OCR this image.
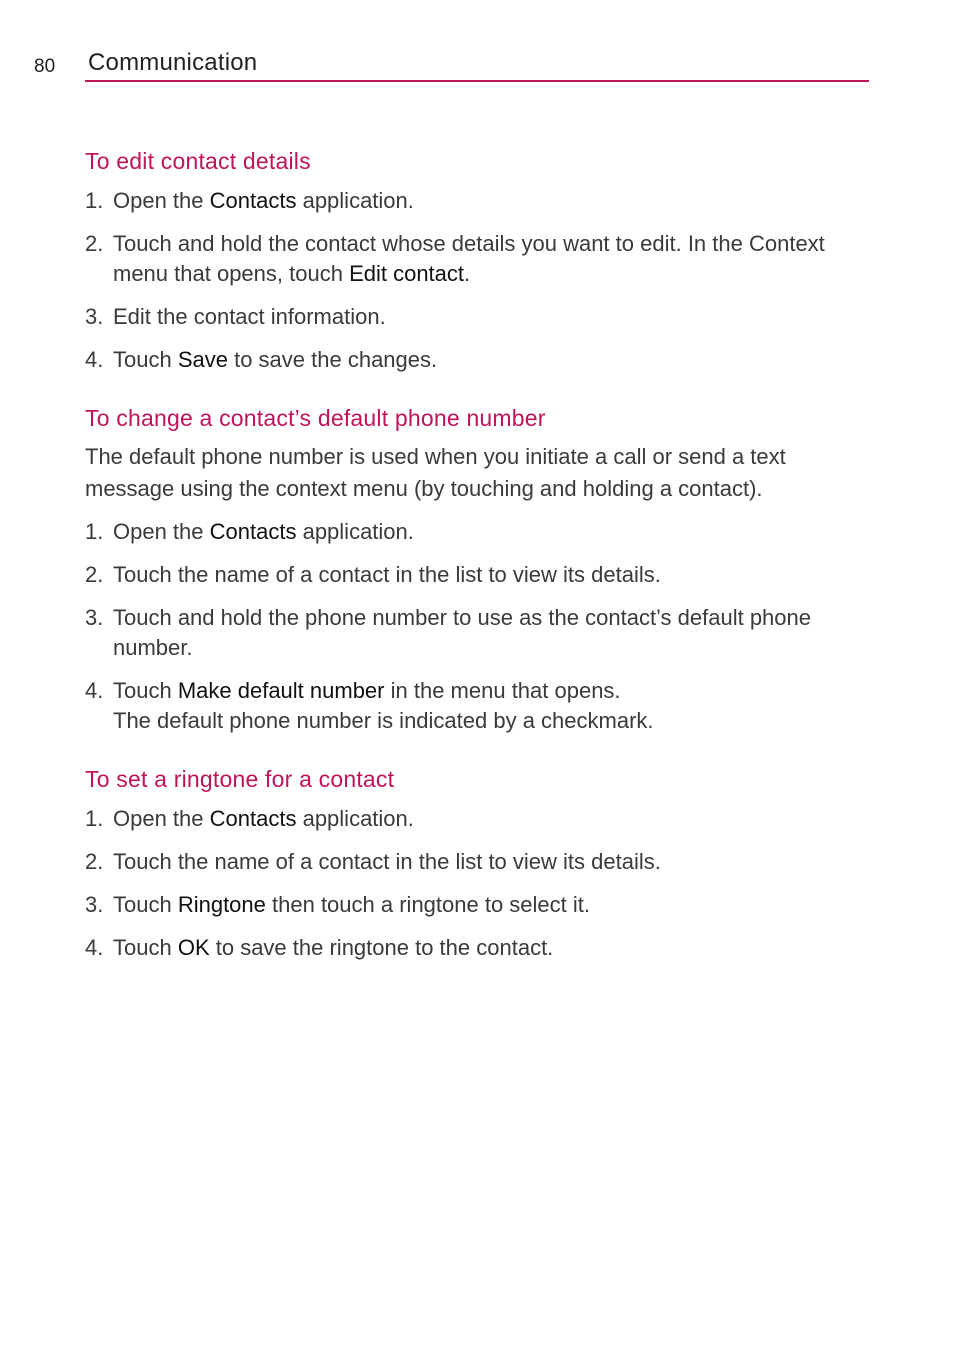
80 Communication
To edit contact details
1. Open the Contacts application.
2. Touch and hold the contact whose details you want to edit. In the Context menu that opens, touch Edit contact.
3. Edit the contact information.
4. Touch Save to save the changes.
To change a contact’s default phone number

The default phone number is used when you initiate a call or send a text message using the context menu (by touching and holding a contact).

1. Open the Contacts application.
2. Touch the name of a contact in the list to view its details.
3. Touch and hold the phone number to use as the contact’s default phone number.
4. Touch Make default number in the menu that opens.
The default phone number is indicated by a checkmark.
To set a ringtone for a contact
1. Open the Contacts application.
2. Touch the name of a contact in the list to view its details.
3. Touch Ringtone then touch a ringtone to select it.
4. Touch OK to save the ringtone to the contact.
